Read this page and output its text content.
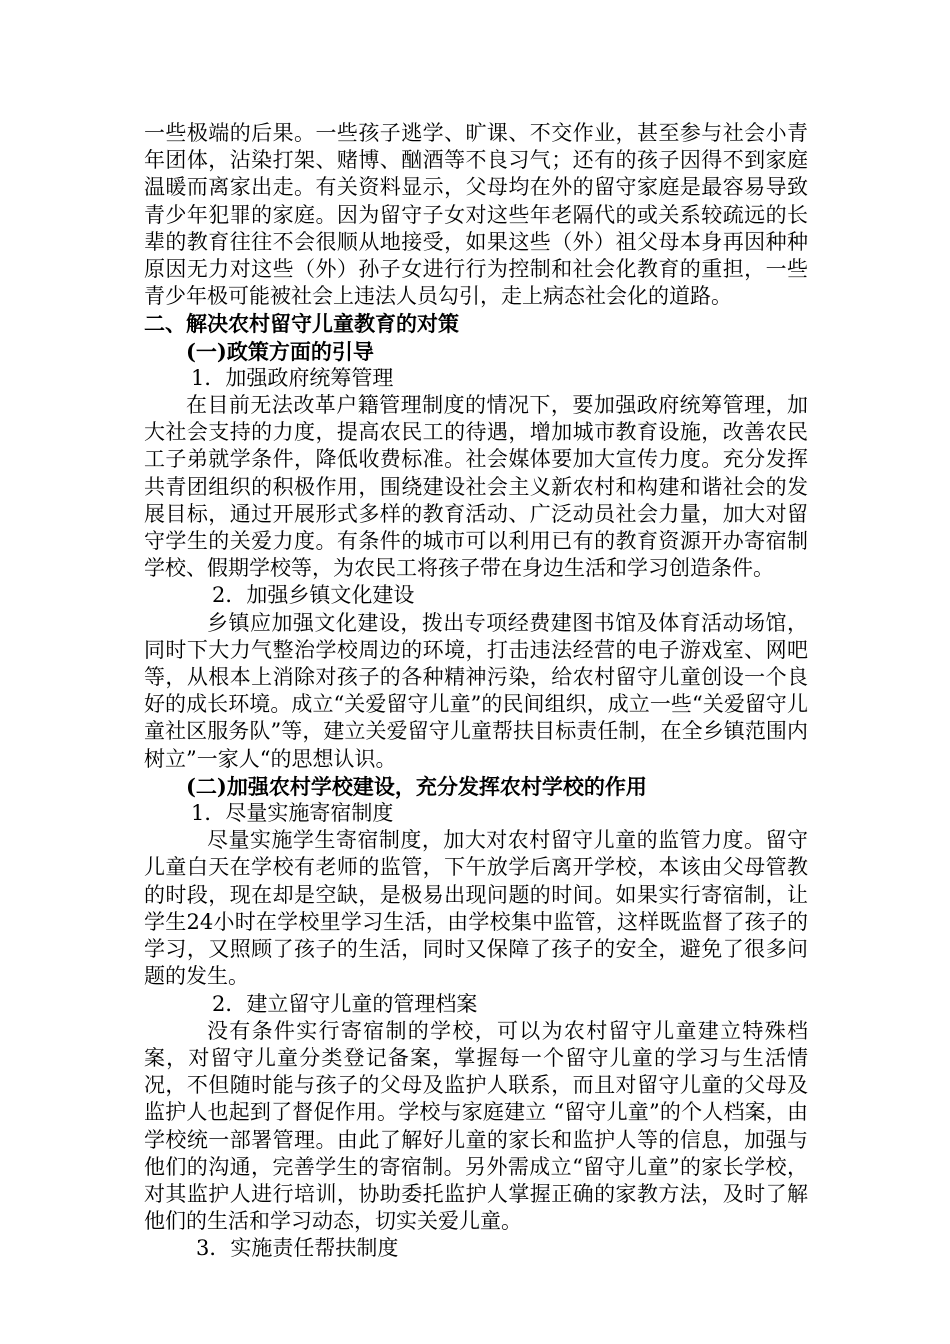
一些极端的后果。一些孩子逃学、旷课、不交作业，甚至参与社会小青年团体，沾染打架、赌博、酗酒等不良习气；还有的孩子因得不到家庭温暖而离家出走。有关资料显示，父母均在外的留守家庭是最容易导致青少年犯罪的家庭。因为留守子女对这些年老隔代的或关系较疏远的长辈的教育往往不会很顺从地接受，如果这些（外）祖父母本身再因种种原因无力对这些（外）孙子女进行行为控制和社会化教育的重担，一些青少年极可能被社会上违法人员勾引，走上病态社会化的道路。

二、解决农村留守儿童教育的对策

(一)政策方面的引导

1．加强政府统筹管理

在目前无法改革户籍管理制度的情况下，要加强政府统筹管理，加大社会支持的力度，提高农民工的待遇，增加城市教育设施，改善农民工子弟就学条件，降低收费标准。社会媒体要加大宣传力度。充分发挥共青团组织的积极作用，围绕建设社会主义新农村和构建和谐社会的发展目标，通过开展形式多样的教育活动、广泛动员社会力量，加大对留守学生的关爱力度。有条件的城市可以利用已有的教育资源开办寄宿制学校、假期学校等，为农民工将孩子带在身边生活和学习创造条件。

2．加强乡镇文化建设

乡镇应加强文化建设，拨出专项经费建图书馆及体育活动场馆，同时下大力气整治学校周边的环境，打击违法经营的电子游戏室、网吧等，从根本上消除对孩子的各种精神污染，给农村留守儿童创设一个良好的成长环境。成立“关爱留守儿童”的民间组织，成立一些“关爱留守儿童社区服务队”等，建立关爱留守儿童帮扶目标责任制，在全乡镇范围内树立”一家人“的思想认识。

(二)加强农村学校建设，充分发挥农村学校的作用

1．尽量实施寄宿制度

尽量实施学生寄宿制度，加大对农村留守儿童的监管力度。留守儿童白天在学校有老师的监管，下午放学后离开学校，本该由父母管教的时段，现在却是空缺，是极易出现问题的时间。如果实行寄宿制，让学生24小时在学校里学习生活，由学校集中监管，这样既监督了孩子的学习，又照顾了孩子的生活，同时又保障了孩子的安全，避免了很多问题的发生。

2．建立留守儿童的管理档案

没有条件实行寄宿制的学校，可以为农村留守儿童建立特殊档案，对留守儿童分类登记备案，掌握每一个留守儿童的学习与生活情况，不但随时能与孩子的父母及监护人联系，而且对留守儿童的父母及监护人也起到了督促作用。学校与家庭建立 “留守儿童”的个人档案，由学校统一部署管理。由此了解好儿童的家长和监护人等的信息，加强与他们的沟通，完善学生的寄宿制。另外需成立“留守儿童”的家长学校，对其监护人进行培训，协助委托监护人掌握正确的家教方法，及时了解他们的生活和学习动态，切实关爱儿童。

3．实施责任帮扶制度
